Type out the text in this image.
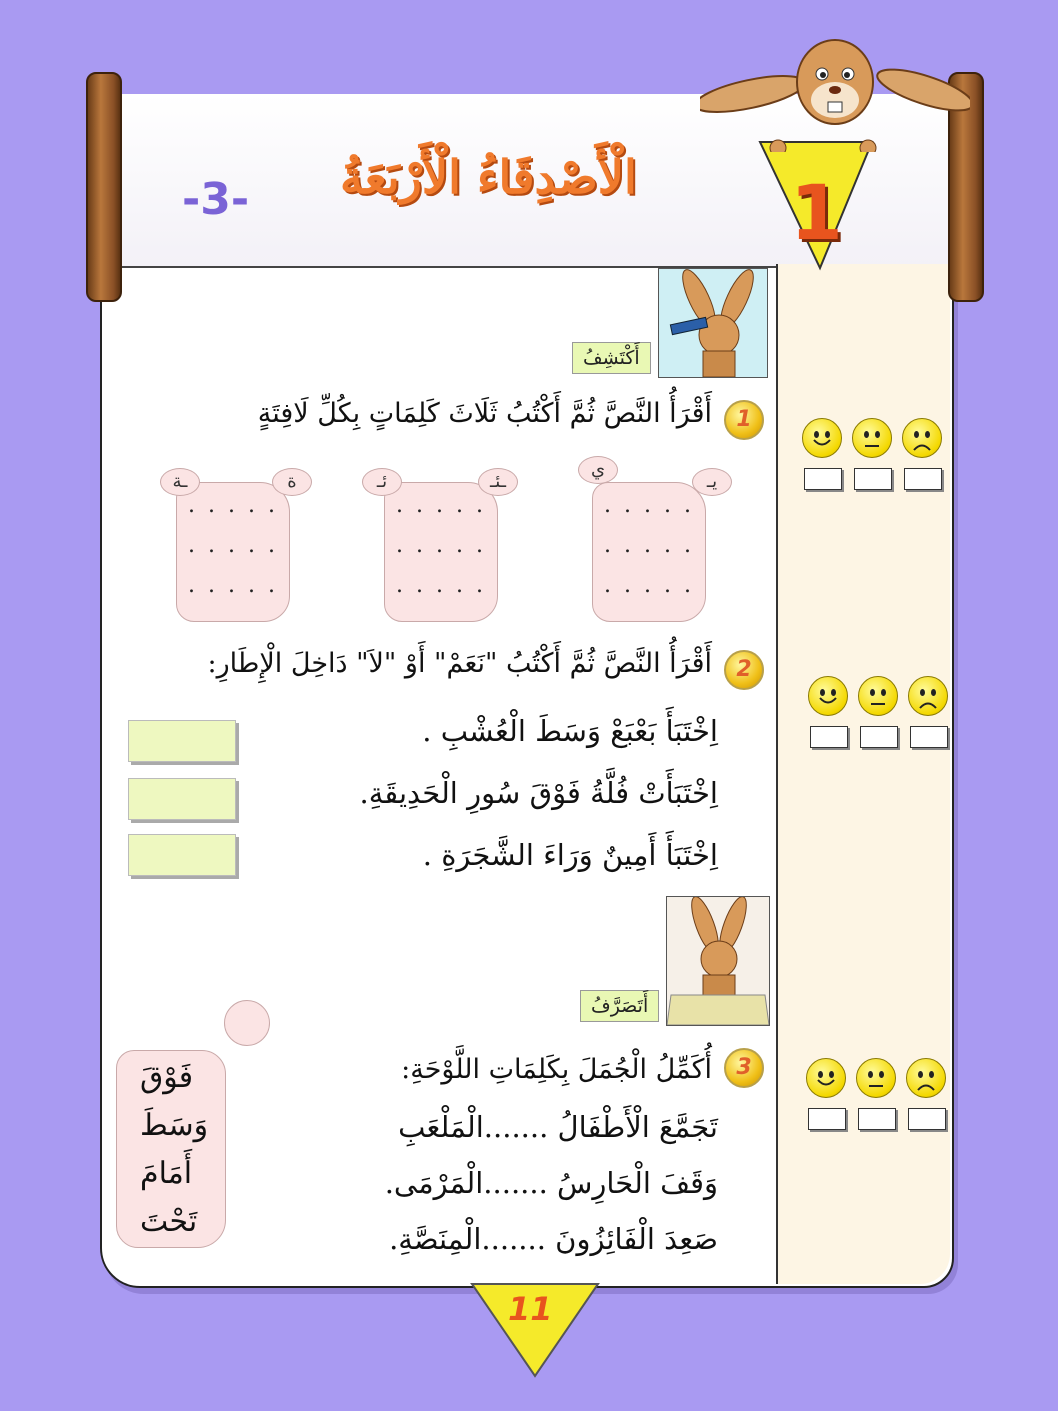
الْأَصْدِقَاءُ الْأَرْبَعَةُ
-3-	1
أَكْتَشِفُ
1
أَقْرَأُ النَّصَّ ثُمَّ أَكْتُبُ ثَلَاثَ كَلِمَاتٍ بِكُلِّ لَافِتَةٍ
. . . . .
. . . . .
. . . . .
يـ
ي
. . . . .
. . . . .
. . . . .
ـئـ
ئـ
. . . . .
. . . . .
. . . . .
ة
ـة
2
أَقْرَأُ النَّصَّ ثُمَّ أَكْتُبُ "نَعَمْ" أَوْ "لاَ" دَاخِلَ الْإِطَارِ:
اِخْتَبَأَ بَعْبَعْ وَسَطَ الْعُشْبِ .
اِخْتَبَأَتْ فُلَّةُ فَوْقَ سُورِ الْحَدِيقَةِ.
اِخْتَبَأَ أَمِينٌ وَرَاءَ الشَّجَرَةِ .
أَتَصَرَّفُ
3
أُكَمِّلُ الْجُمَلَ بِكَلِمَاتِ اللَّوْحَةِ:
تَجَمَّعَ الْأَطْفَالُ .......الْمَلْعَبِ
وَقَفَ الْحَارِسُ .......الْمَرْمَى.
صَعِدَ الْفَائِزُونَ .......الْمِنَصَّةِ.
فَوْقَ
وَسَطَ
أَمَامَ
تَحْتَ
11
